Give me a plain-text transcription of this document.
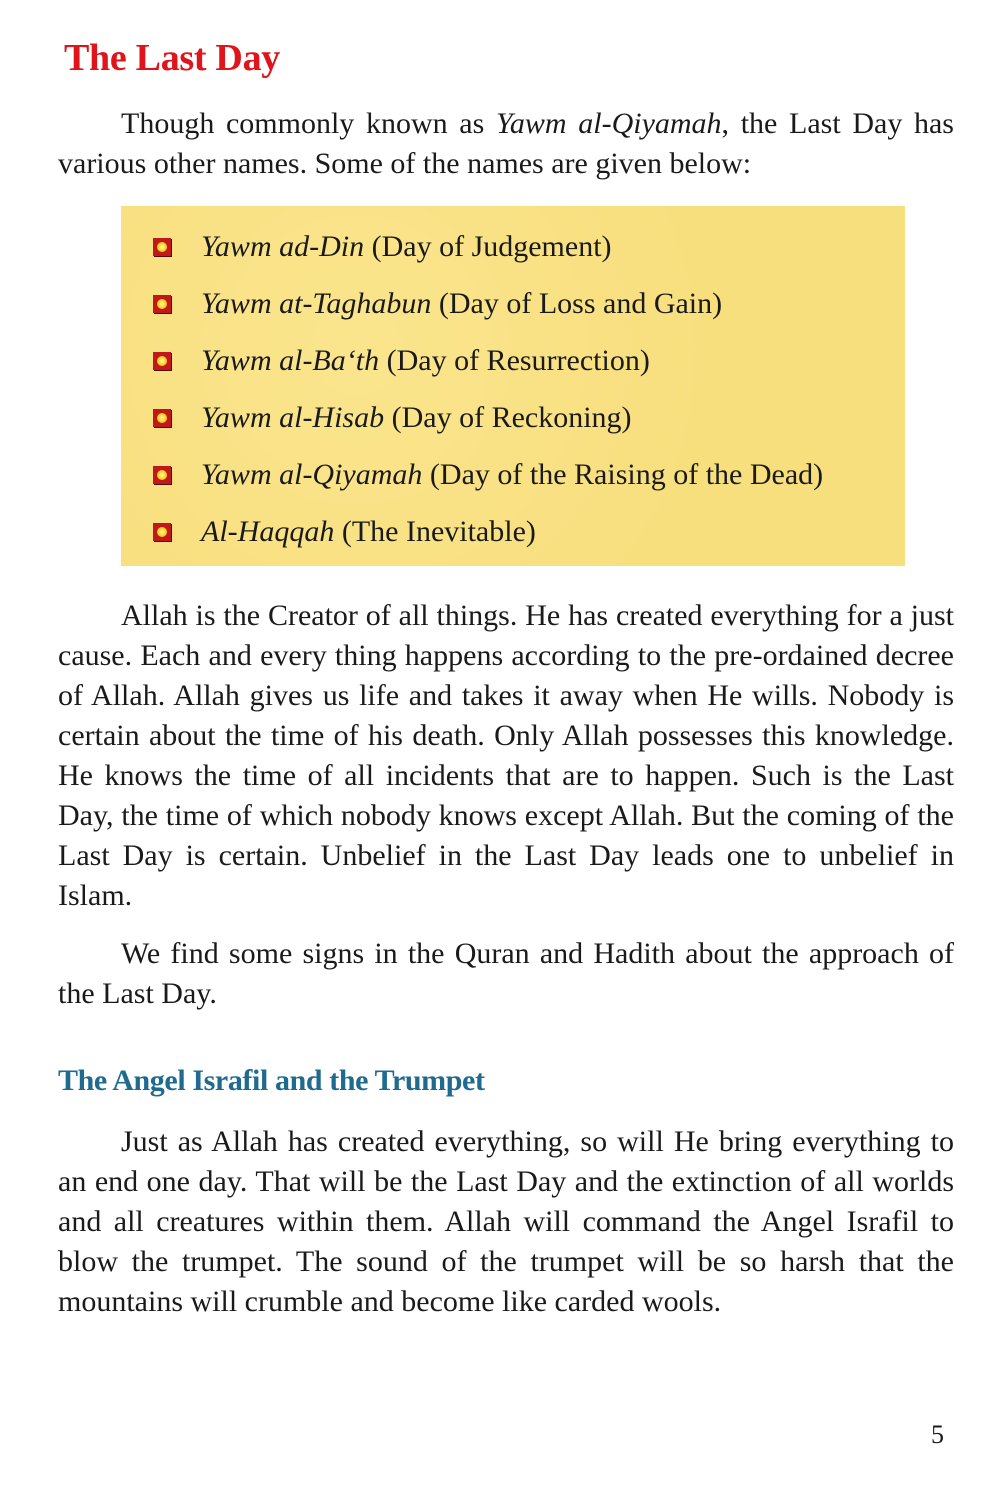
The Last Day

Though commonly known as Yawm al-Qiyamah, the Last Day has various other names. Some of the names are given below:

Yawm ad-Din (Day of Judgement)
Yawm at-Taghabun (Day of Loss and Gain)
Yawm al-Ba‘th (Day of Resurrection)
Yawm al-Hisab (Day of Reckoning)
Yawm al-Qiyamah (Day of the Raising of the Dead)
Al-Haqqah (The Inevitable)

Allah is the Creator of all things. He has created everything for a just cause. Each and every thing happens according to the pre-ordained decree of Allah. Allah gives us life and takes it away when He wills. Nobody is certain about the time of his death. Only Allah possesses this knowledge. He knows the time of all incidents that are to happen. Such is the Last Day, the time of which nobody knows except Allah. But the coming of the Last Day is certain. Unbelief in the Last Day leads one to unbelief in Islam.

We find some signs in the Quran and Hadith about the approach of the Last Day.

The Angel Israfil and the Trumpet

Just as Allah has created everything, so will He bring everything to an end one day. That will be the Last Day and the extinction of all worlds and all creatures within them. Allah will command the Angel Israfil to blow the trumpet. The sound of the trumpet will be so harsh that the mountains will crumble and become like carded wools.

5
